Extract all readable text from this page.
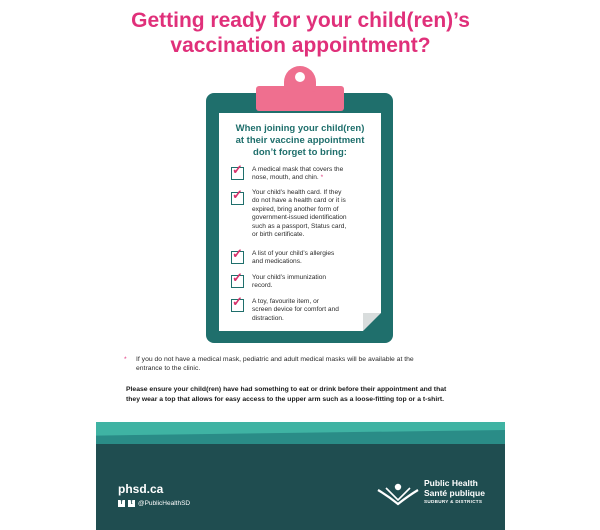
Getting ready for your child(ren)’s
vaccination appointment?
When joining your child(ren)
at their vaccine appointment
don’t forget to bring:
✓	A medical mask that covers the
nose, mouth, and chin. *
✓	Your child’s health card. If they
do not have a health card or it is
expired, bring another form of
government-issued identification
such as a passport, Status card,
or birth certificate.
✓	A list of your child’s allergies
and medications.
✓	Your child’s immunization
record.
✓	A toy, favourite item, or
screen device for comfort and
distraction.
* If you do not have a medical mask, pediatric and adult medical masks will be available at the
entrance to the clinic.
Please ensure your child(ren) have had something to eat or drink before their appointment and that
they wear a top that allows for easy access to the upper arm such as a loose-fitting top or a t-shirt.
phsd.ca
f	t @PublicHealthSD
Public Health
Santé publique
SUDBURY & DISTRICTS
